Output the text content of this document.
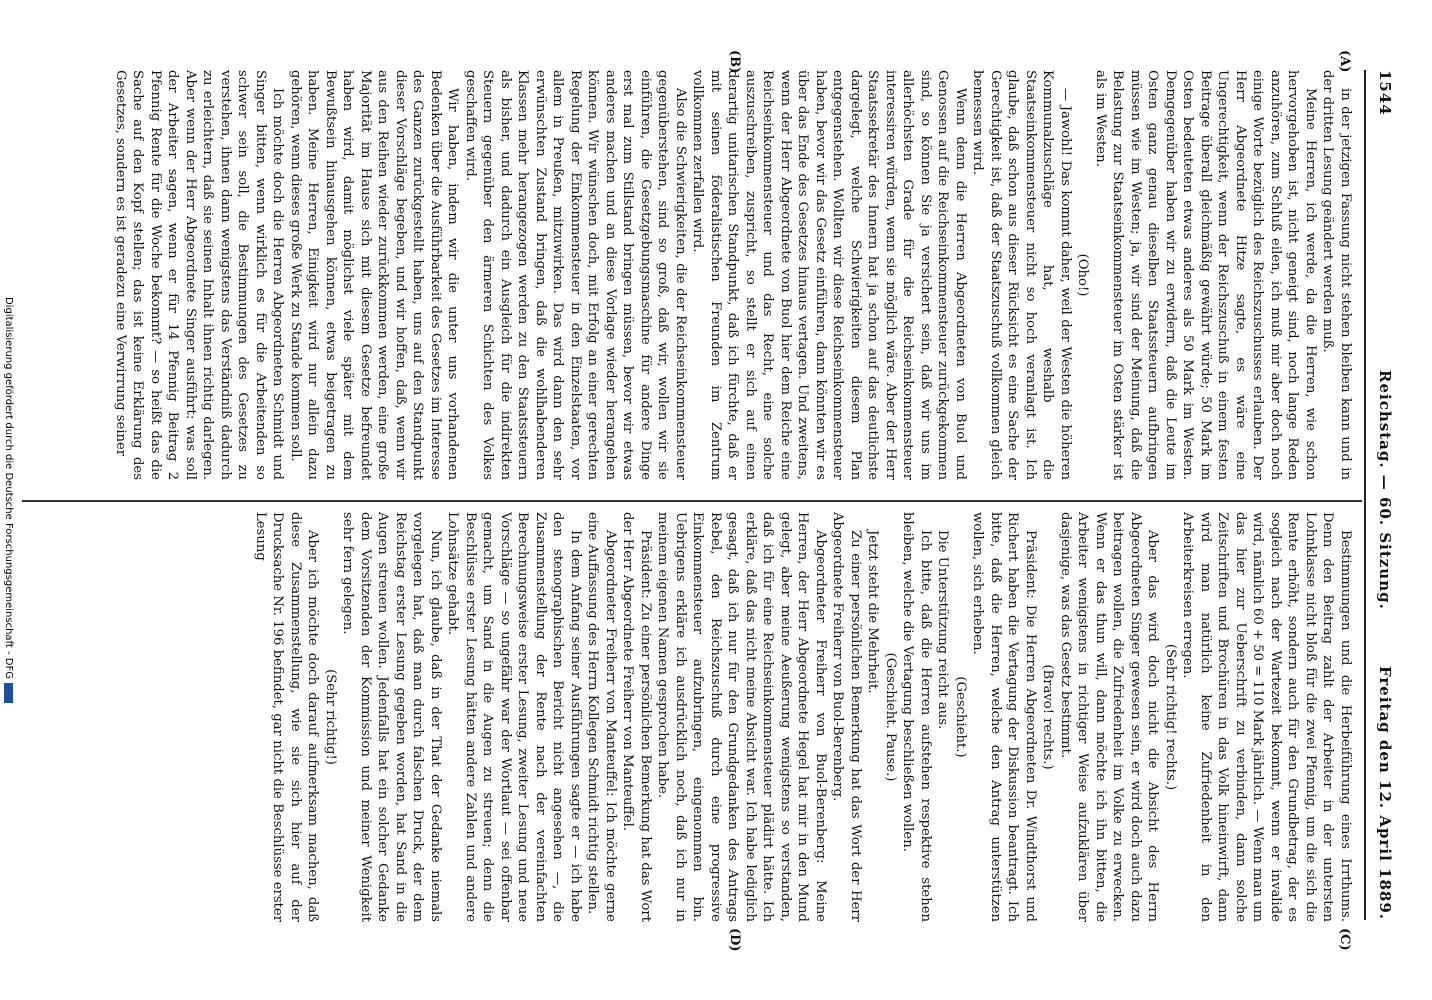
1544
Reichstag. — 60. Sitzung.
Freitag den 12. April 1889.
(A)
(B)
(C)
(D)

in der jetzigen Fassung nicht stehen bleiben kann und in der dritten Lesung geändert werden muß.

Meine Herren, ich werde, da die Herren, wie schon hervorgehoben ist, nicht geneigt sind, noch lange Reden anzuhören, zum Schluß eilen, ich muß mir aber doch noch einige Worte bezüglich des Reichszuschusses erlauben. Der Herr Abgeordnete Hitze sagte, es wäre eine Ungerechtigkeit, wenn der Reichszuschuß in einem festen Beitrage überall gleichmäßig gewährt würde; 50 Mark im Osten bedeuteten etwas anderes als 50 Mark im Westen. Demgegenüber haben wir zu erwidern, daß die Leute im Osten ganz genau dieselben Staatssteuern aufbringen müssen wie im Westen; ja, wir sind der Meinung, daß die Belastung zur Staatseinkommensteuer im Osten stärker ist als im Westen.

(Oho!)

— Jawohl! Das kommt daher, weil der Westen die höheren Kommunalzuschläge hat, weshalb die Staatseinkommensteuer nicht so hoch veranlagt ist. Ich glaube, daß schon aus dieser Rücksicht es eine Sache der Gerechtigkeit ist, daß der Staatszuschuß vollkommen gleich bemessen wird.

Wenn denn die Herren Abgeordneten von Buol und Genossen auf die Reichseinkommensteuer zurückgekommen sind, so können Sie ja versichert sein, daß wir uns im allerhöchsten Grade für die Reichseinkommensteuer interessiren würden, wenn sie möglich wäre. Aber der Herr Staatssekretär des Innern hat ja schon auf das deutlichste dargelegt, welche Schwierigkeiten diesem Plan entgegenstehen. Wollten wir diese Reichseinkommensteuer haben, bevor wir das Gesetz einführen, dann könnten wir es über das Ende des Gesetzes hinaus vertagen. Und zweitens, wenn der Herr Abgeordnete von Buol hier dem Reiche eine Reichseinkommensteuer und das Recht, eine solche auszuschreiben, zuspricht, so stellt er sich auf einen derartig unitarischen Standpunkt, daß ich fürchte, daß er mit seinen föderalistischen Freunden im Zentrum vollkommen zerfallen wird.

Also die Schwierigkeiten, die der Reichseinkommensteuer gegenüberstehen, sind so groß, daß wir, wollen wir sie einführen, die Gesetzgebungsmaschine für andere Dinge erst mal zum Stillstand bringen müssen, bevor wir etwas anderes machen und an diese Vorlage wieder herangehen können. Wir wünschen doch, mit Erfolg an einer gerechten Regelung der Einkommensteuer in den Einzelstaaten, vor allem in Preußen, mitzuwirken. Das wird dann den sehr erwünschten Zustand bringen, daß die wohlhabenderen Klassen mehr herangezogen werden zu den Staatssteuern als bisher, und dadurch ein Ausgleich für die indirekten Steuern gegenüber den ärmeren Schichten des Volkes geschaffen wird.

Wir haben, indem wir die unter uns vorhandenen Bedenken über die Ausführbarkeit des Gesetzes im Interesse des Ganzen zurückgestellt haben, uns auf den Standpunkt dieser Vorschläge begeben, und wir hoffen, daß, wenn wir aus den Reihen wieder zurückkommen werden, eine große Majorität im Hause sich mit diesem Gesetze befreundet haben wird, damit möglichst viele später mit dem Bewußtsein hinausgehen können, etwas beigetragen zu haben. Meine Herren, Einigkeit wird nur allein dazu gehören, wenn dieses große Werk zu Stande kommen soll.

Ich möchte doch die Herren Abgeordneten Schmidt und Singer bitten, wenn wirklich es für die Arbeitenden so schwer sein soll, die Bestimmungen des Gesetzes zu verstehen, ihnen dann wenigstens das Verständniß dadurch zu erleichtern, daß sie seinen Inhalt ihnen richtig darlegen. Aber wenn der Herr Abgeordnete Singer ausführt: was soll der Arbeiter sagen, wenn er für 14 Pfennig Beitrag 2 Pfennig Rente für die Woche bekommt? — so heißt das die Sache auf den Kopf stellen; das ist keine Erklärung des Gesetzes, sondern es ist geradezu eine Verwirrung seiner

Bestimmungen und die Herbeiführung eines Irrthums. Denn den Beitrag zahlt der Arbeiter in der untersten Lohnklasse nicht bloß für die zwei Pfennig, um die sich die Rente erhöht, sondern auch für den Grundbetrag, der es sogleich nach der Wartezeit bekommt, wenn er invalide wird, nämlich 60 + 50 = 110 Mark jährlich. — Wenn man um das hier zur Ueberschrift zu verbinden, dann solche Zeitschriften und Brochüren in das Volk hineinwirft, dann wird man natürlich keine Zufriedenheit in den Arbeiterkreisen erregen.

(Sehr richtig! rechts.)

Aber das wird doch nicht die Absicht des Herrn Abgeordneten Singer gewesen sein, er wird doch auch dazu beitragen wollen, die Zufriedenheit im Volke zu erwecken. Wenn er das thun will, dann möchte ich ihn bitten, die Arbeiter wenigstens in richtiger Weise aufzuklären über dasjenige, was das Gesetz bestimmt.

(Bravo! rechts.)

Präsident: Die Herren Abgeordneten Dr. Windthorst und Richert haben die Vertagung der Diskussion beantragt. Ich bitte, daß die Herren, welche den Antrag unterstützen wollen, sich erheben.

(Geschieht.)

Die Unterstützung reicht aus.

Ich bitte, daß die Herren aufstehen respektive stehen bleiben, welche die Vertagung beschließen wollen.

(Geschieht. Pause.)

Jetzt steht die Mehrheit.

Zu einer persönlichen Bemerkung hat das Wort der Herr Abgeordnete Freiherr von Buol-Berenberg.

Abgeordneter Freiherr von Buol-Berenberg: Meine Herren, der Herr Abgeordnete Hegel hat mir in den Mund gelegt, aber meine Aeußerung wenigstens so verstanden, daß ich für eine Reichseinkommensteuer plädirt hätte. Ich erkläre, daß das nicht meine Absicht war. Ich habe lediglich gesagt, daß ich nur für den Grundgedanken des Antrags Rebel, den Reichszuschuß durch eine progressive Einkommensteuer aufzubringen, eingenommen bin. Uebrigens erkläre ich ausdrücklich noch, daß ich nur in meinem eigenen Namen gesprochen habe.

Präsident: Zu einer persönlichen Bemerkung hat das Wort der Herr Abgeordnete Freiherr von Manteuffel.

Abgeordneter Freiherr von Manteuffel: Ich möchte gerne eine Auffassung des Herrn Kollegen Schmidt richtig stellen.

In dem Anfang seiner Ausführungen sagte er — ich habe den stenographischen Bericht nicht angesehen —, die Zusammenstellung der Rente nach der vereinfachten Berechnungsweise erster Lesung, zweiter Lesung und neue Vorschläge — so ungefähr war der Wortlaut — sei offenbar gemacht, um Sand in die Augen zu streuen; denn die Beschlüsse erster Lesung hätten andere Zahlen und andere Lohnsätze gehabt.

Nun, ich glaube, daß in der That der Gedanke niemals vorgelegen hat, daß man durch falschen Druck, der dem Reichstag erster Lesung gegeben worden, hat Sand in die Augen streuen wollen. Jedenfalls hat ein solcher Gedanke dem Vorsitzenden der Kommission und meiner Wenigkeit sehr fern gelegen.

(Sehr richtig!)

Aber ich möchte doch darauf aufmerksam machen, daß diese Zusammenstellung, wie sie sich hier auf der Drucksache Nr. 196 befindet, gar nicht die Beschlüsse erster Lesung

Digitalisierung gefördert durch die Deutsche Forschungsgemeinschaft - DFG
